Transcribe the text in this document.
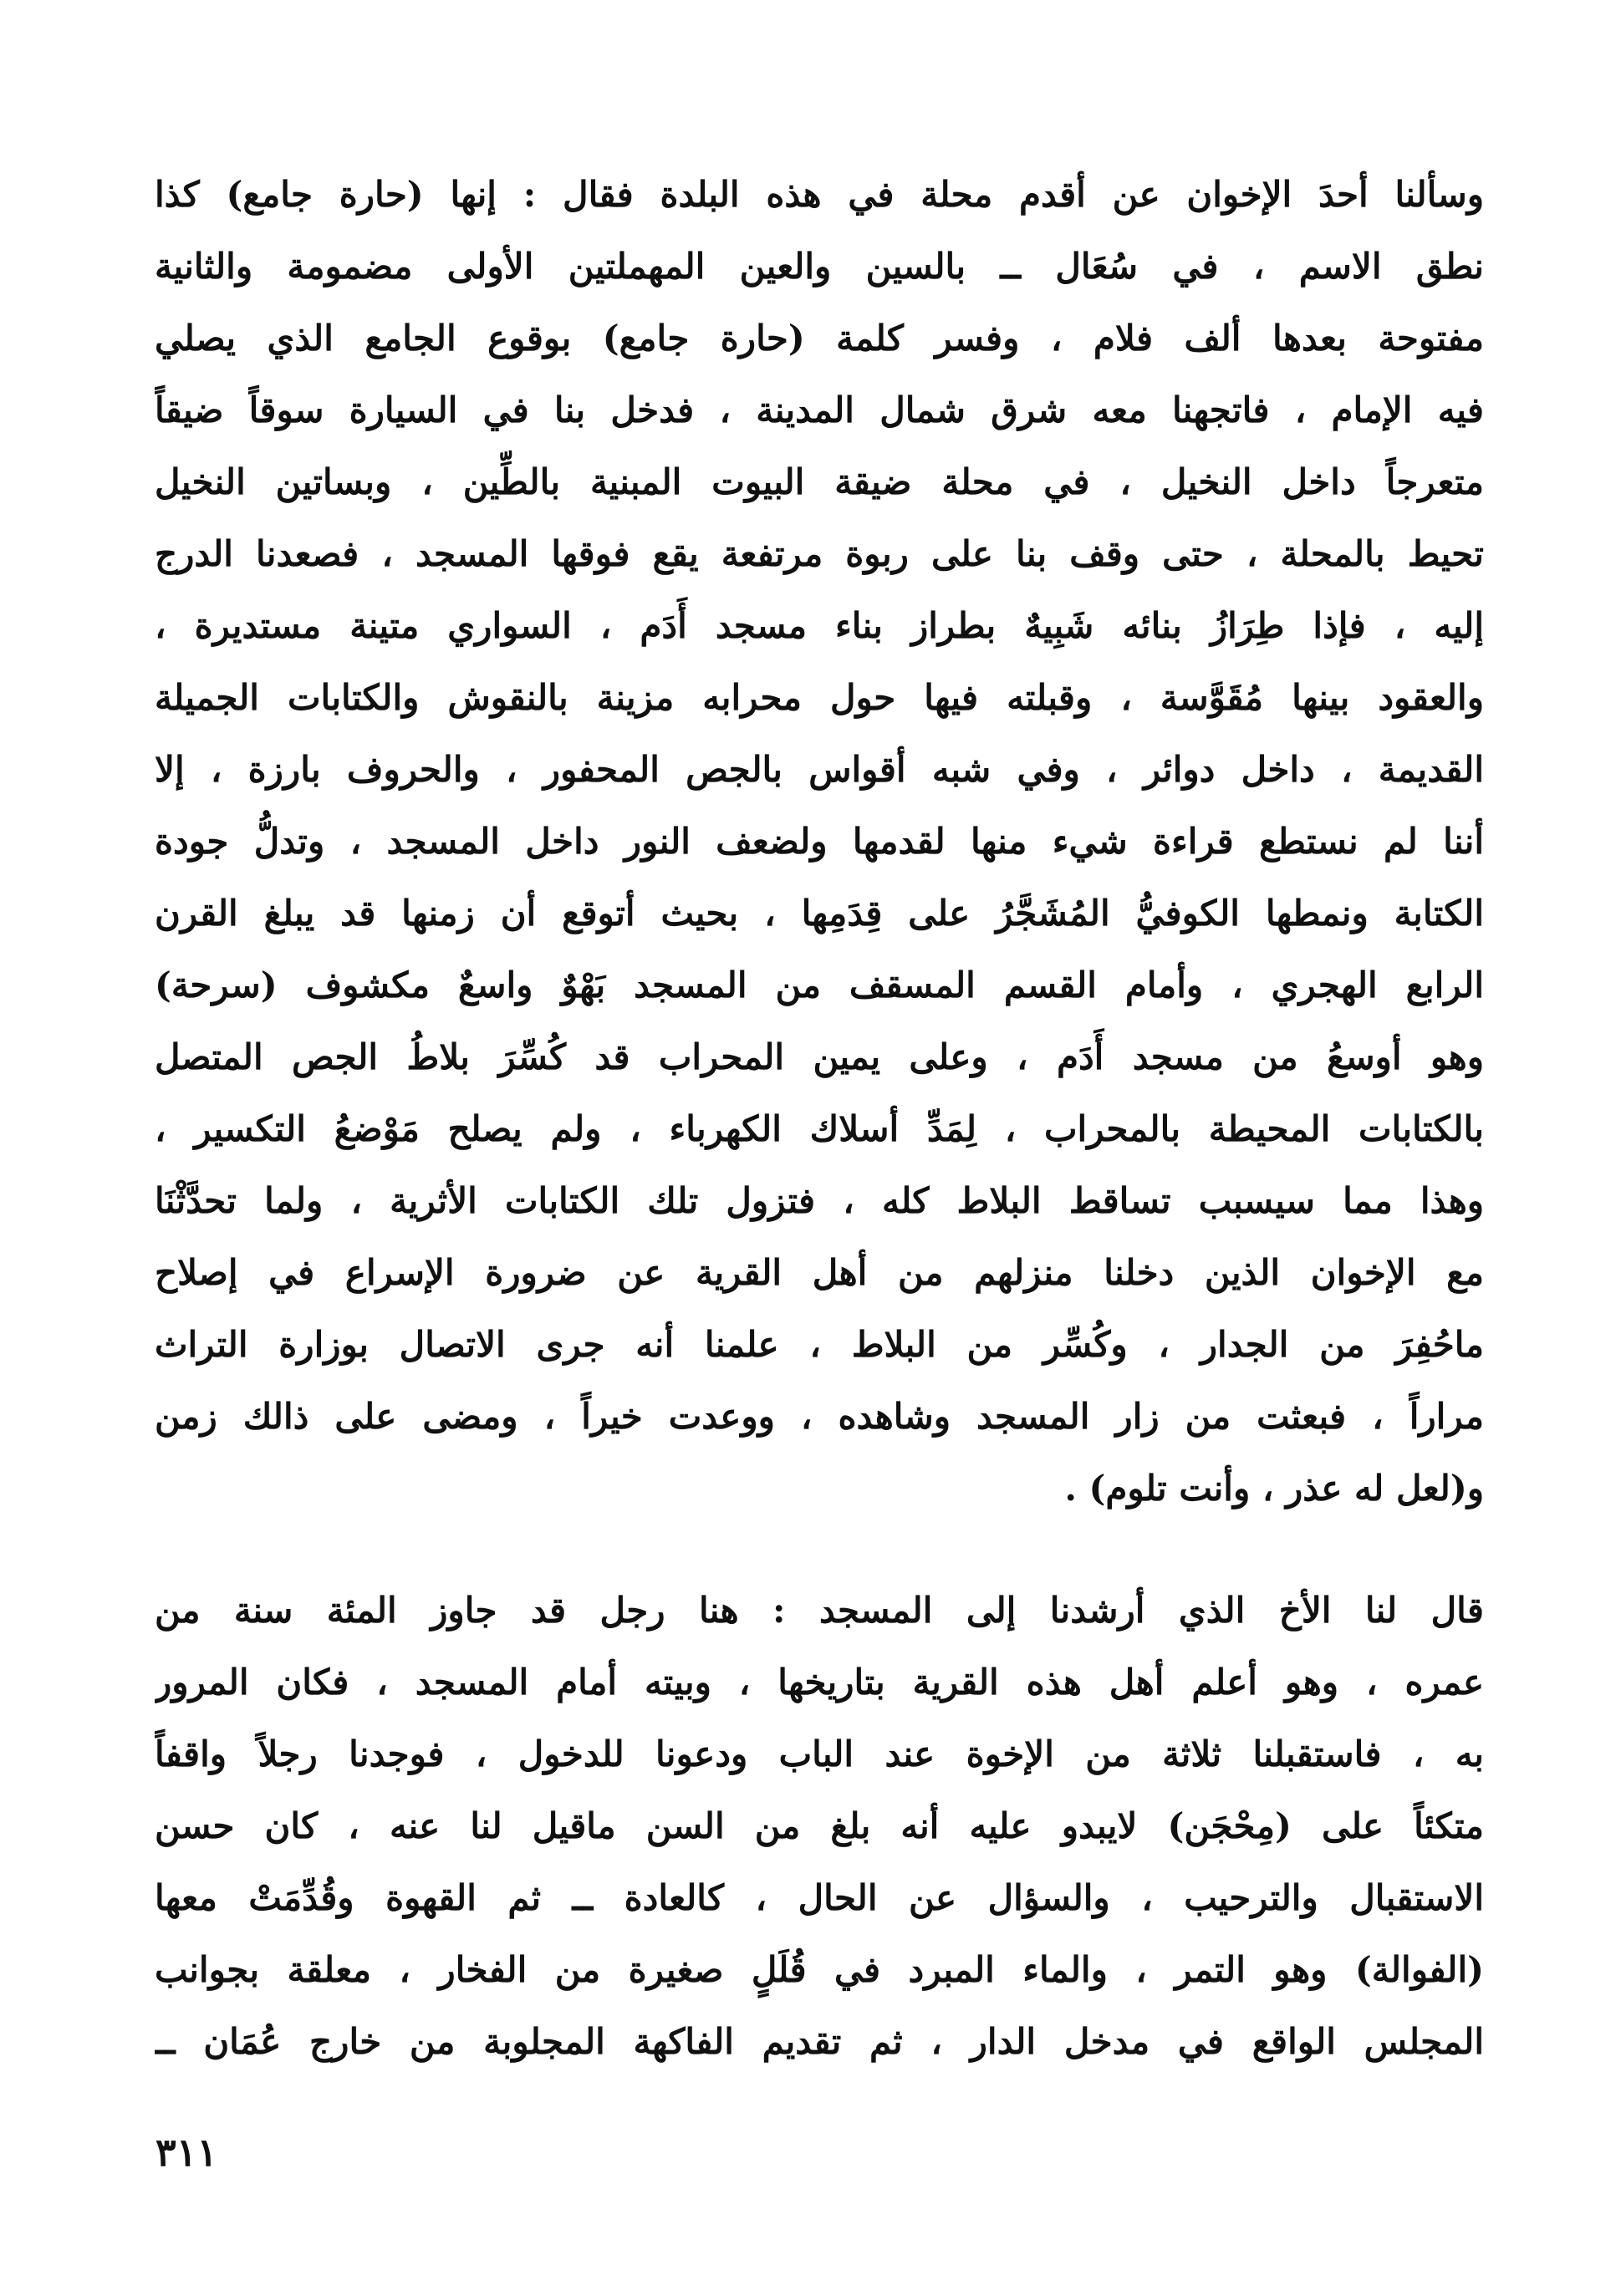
وسألنا أحدَ الإخوان عن أقدم محلة في هذه البلدة فقال : إنها (حارة جامع) كذا
نطق الاسم ، في سُعَال ــ بالسين والعين المهملتين الأولى مضمومة والثانية
مفتوحة بعدها ألف فلام ، وفسر كلمة (حارة جامع) بوقوع الجامع الذي يصلي
فيه الإمام ، فاتجهنا معه شرق شمال المدينة ، فدخل بنا في السيارة سوقاً ضيقاً
متعرجاً داخل النخيل ، في محلة ضيقة البيوت المبنية بالطِّين ، وبساتين النخيل
تحيط بالمحلة ، حتى وقف بنا على ربوة مرتفعة يقع فوقها المسجد ، فصعدنا الدرج
إليه ، فإذا طِرَازُ بنائه شَبِيهٌ بطراز بناء مسجد أَدَم ، السواري متينة مستديرة ،
والعقود بينها مُقَوَّسة ، وقبلته فيها حول محرابه مزينة بالنقوش والكتابات الجميلة
القديمة ، داخل دوائر ، وفي شبه أقواس بالجص المحفور ، والحروف بارزة ، إلا
أننا لم نستطع قراءة شيء منها لقدمها ولضعف النور داخل المسجد ، وتدلُّ جودة
الكتابة ونمطها الكوفيُّ المُشَجَّرُ على قِدَمِها ، بحيث أتوقع أن زمنها قد يبلغ القرن
الرابع الهجري ، وأمام القسم المسقف من المسجد بَهْوٌ واسعٌ مكشوف (سرحة)
وهو أوسعُ من مسجد أَدَم ، وعلى يمين المحراب قد كُسِّرَ بلاطُ الجص المتصل
بالكتابات المحيطة بالمحراب ، لِمَدِّ أسلاك الكهرباء ، ولم يصلح مَوْضعُ التكسير ،
وهذا مما سيسبب تساقط البلاط كله ، فتزول تلك الكتابات الأثرية ، ولما تحدَّثْنَا
مع الإخوان الذين دخلنا منزلهم من أهل القرية عن ضرورة الإسراع في إصلاح
ماحُفِرَ من الجدار ، وكُسِّر من البلاط ، علمنا أنه جرى الاتصال بوزارة التراث
مراراً ، فبعثت من زار المسجد وشاهده ، ووعدت خيراً ، ومضى على ذالك زمن
و(لعل له عذر ، وأنت تلوم) .
قال لنا الأخ الذي أرشدنا إلى المسجد : هنا رجل قد جاوز المئة سنة من
عمره ، وهو أعلم أهل هذه القرية بتاريخها ، وبيته أمام المسجد ، فكان المرور
به ، فاستقبلنا ثلاثة من الإخوة عند الباب ودعونا للدخول ، فوجدنا رجلاً واقفاً
متكئاً على (مِحْجَن) لايبدو عليه أنه بلغ من السن ماقيل لنا عنه ، كان حسن
الاستقبال والترحيب ، والسؤال عن الحال ، كالعادة ــ ثم القهوة وقُدِّمَتْ معها
(الفوالة) وهو التمر ، والماء المبرد في قُلَلٍ صغيرة من الفخار ، معلقة بجوانب
المجلس الواقع في مدخل الدار ، ثم تقديم الفاكهة المجلوبة من خارج عُمَان ــ
٣١١
